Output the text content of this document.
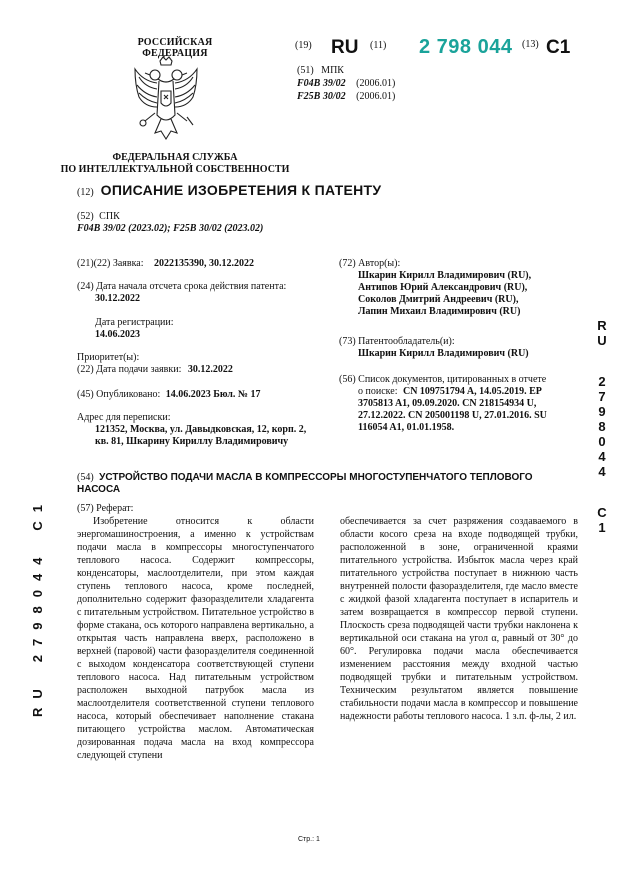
РОССИЙСКАЯ ФЕДЕРАЦИЯ
ФЕДЕРАЛЬНАЯ СЛУЖБА
ПО ИНТЕЛЛЕКТУАЛЬНОЙ СОБСТВЕННОСТИ
(19) RU (11) 2 798 044 (13) C1
(51) МПК
F04B 39/02 (2006.01)
F25B 30/02 (2006.01)
(12) ОПИСАНИЕ ИЗОБРЕТЕНИЯ К ПАТЕНТУ
(52) СПК
F04B 39/02 (2023.02); F25B 30/02 (2023.02)
(21)(22) Заявка: 2022135390, 30.12.2022
(24) Дата начала отсчета срока действия патента:
30.12.2022
Дата регистрации:
14.06.2023
Приоритет(ы):
(22) Дата подачи заявки: 30.12.2022
(45) Опубликовано: 14.06.2023 Бюл. № 17
Адрес для переписки:
121352, Москва, ул. Давыдковская, 12, корп. 2,
кв. 81, Шкарину Кириллу Владимировичу
(72) Автор(ы):
Шкарин Кирилл Владимирович (RU),
Антипов Юрий Александрович (RU),
Соколов Дмитрий Андреевич (RU),
Лапин Михаил Владимирович (RU)
(73) Патентообладатель(и):
Шкарин Кирилл Владимирович (RU)
(56) Список документов, цитированных в отчете
о поиске: CN 109751794 A, 14.05.2019. EP
3705813 A1, 09.09.2020. CN 218154934 U,
27.12.2022. CN 205001198 U, 27.01.2016. SU
116054 A1, 01.01.1958.
R
U
2
7
9
8
0
4
4
C
1
RU2798044C1
(54) УСТРОЙСТВО ПОДАЧИ МАСЛА В КОМПРЕССОРЫ МНОГОСТУПЕНЧАТОГО ТЕПЛОВОГО
НАСОСА
(57) Реферат:

Изобретение относится к области энергомашиностроения, а именно к устройствам подачи масла в компрессоры многоступенчатого теплового насоса. Содержит компрессоры, конденсаторы, маслоотделители, при этом каждая ступень теплового насоса, кроме последней, дополнительно содержит фазоразделители хладагента с питательным устройством. Питательное устройство в форме стакана, ось которого направлена вертикально, а открытая часть направлена вверх, расположено в верхней (паровой) части фазоразделителя соединенной с выходом конденсатора соответствующей ступени теплового насоса. Над питательным устройством расположен выходной патрубок масла из маслоотделителя соответственной ступени теплового насоса, который обеспечивает наполнение стакана питающего устройства маслом. Автоматическая дозированная подача масла на вход компрессора следующей ступени

обеспечивается за счет разряжения создаваемого в области косого среза на входе подводящей трубки, расположенной в зоне, ограниченной краями питательного устройства. Избыток масла через край питательного устройства поступает в нижнюю часть внутренней полости фазоразделителя, где масло вместе с жидкой фазой хладагента поступает в испаритель и затем возвращается в компрессор первой ступени. Плоскость среза подводящей части трубки наклонена к вертикальной оси стакана на угол α, равный от 30° до 60°. Регулировка подачи масла обеспечивается изменением расстояния между входной частью подводящей трубки и питательным устройством. Техническим результатом является повышение стабильности подачи масла в компрессор и повышение надежности работы теплового насоса. 1 з.п. ф-лы, 2 ил.

Стр.: 1
